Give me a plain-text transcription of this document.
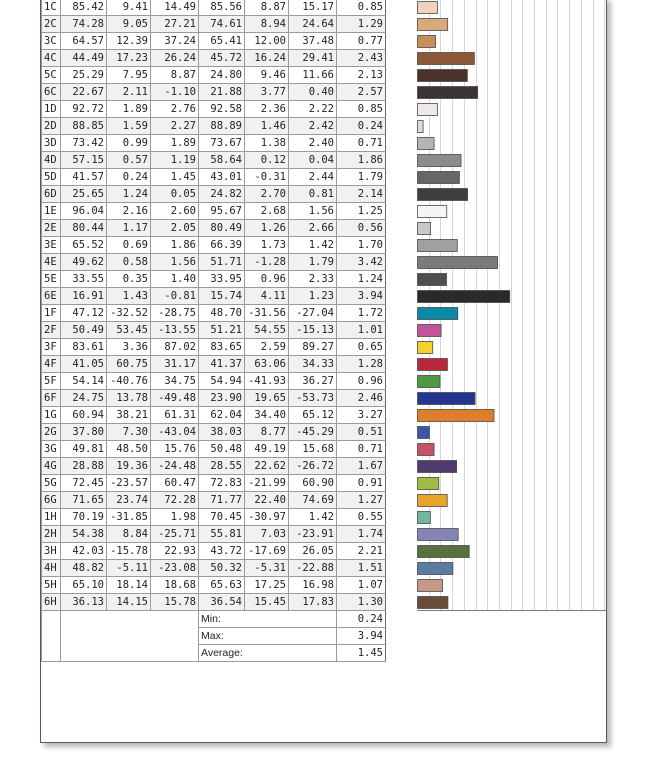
1C	85.42	9.41	14.49	85.56	8.87	15.17	0.85
2C	74.28	9.05	27.21	74.61	8.94	24.64	1.29
3C	64.57	12.39	37.24	65.41	12.00	37.48	0.77
4C	44.49	17.23	26.24	45.72	16.24	29.41	2.43
5C	25.29	7.95	8.87	24.80	9.46	11.66	2.13
6C	22.67	2.11	-1.10	21.88	3.77	0.40	2.57
1D	92.72	1.89	2.76	92.58	2.36	2.22	0.85
2D	88.85	1.59	2.27	88.89	1.46	2.42	0.24
3D	73.42	0.99	1.89	73.67	1.38	2.40	0.71
4D	57.15	0.57	1.19	58.64	0.12	0.04	1.86
5D	41.57	0.24	1.45	43.01	-0.31	2.44	1.79
6D	25.65	1.24	0.05	24.82	2.70	0.81	2.14
1E	96.04	2.16	2.60	95.67	2.68	1.56	1.25
2E	80.44	1.17	2.05	80.49	1.26	2.66	0.56
3E	65.52	0.69	1.86	66.39	1.73	1.42	1.70
4E	49.62	0.58	1.56	51.71	-1.28	1.79	3.42
5E	33.55	0.35	1.40	33.95	0.96	2.33	1.24
6E	16.91	1.43	-0.81	15.74	4.11	1.23	3.94
1F	47.12	-32.52	-28.75	48.70	-31.56	-27.04	1.72
2F	50.49	53.45	-13.55	51.21	54.55	-15.13	1.01
3F	83.61	3.36	87.02	83.65	2.59	89.27	0.65
4F	41.05	60.75	31.17	41.37	63.06	34.33	1.28
5F	54.14	-40.76	34.75	54.94	-41.93	36.27	0.96
6F	24.75	13.78	-49.48	23.90	19.65	-53.73	2.46
1G	60.94	38.21	61.31	62.04	34.40	65.12	3.27
2G	37.80	7.30	-43.04	38.03	8.77	-45.29	0.51
3G	49.81	48.50	15.76	50.48	49.19	15.68	0.71
4G	28.88	19.36	-24.48	28.55	22.62	-26.72	1.67
5G	72.45	-23.57	60.47	72.83	-21.99	60.90	0.91
6G	71.65	23.74	72.28	71.77	22.40	74.69	1.27
1H	70.19	-31.85	1.98	70.45	-30.97	1.42	0.55
2H	54.38	8.84	-25.71	55.81	7.03	-23.91	1.74
3H	42.03	-15.78	22.93	43.72	-17.69	26.05	2.21
4H	48.82	-5.11	-23.08	50.32	-5.31	-22.88	1.51
5H	65.10	18.14	18.68	65.63	17.25	16.98	1.07
6H	36.13	14.15	15.78	36.54	15.45	17.83	1.30
				Min:			0.24
				Max:			3.94
				Average:			1.45
